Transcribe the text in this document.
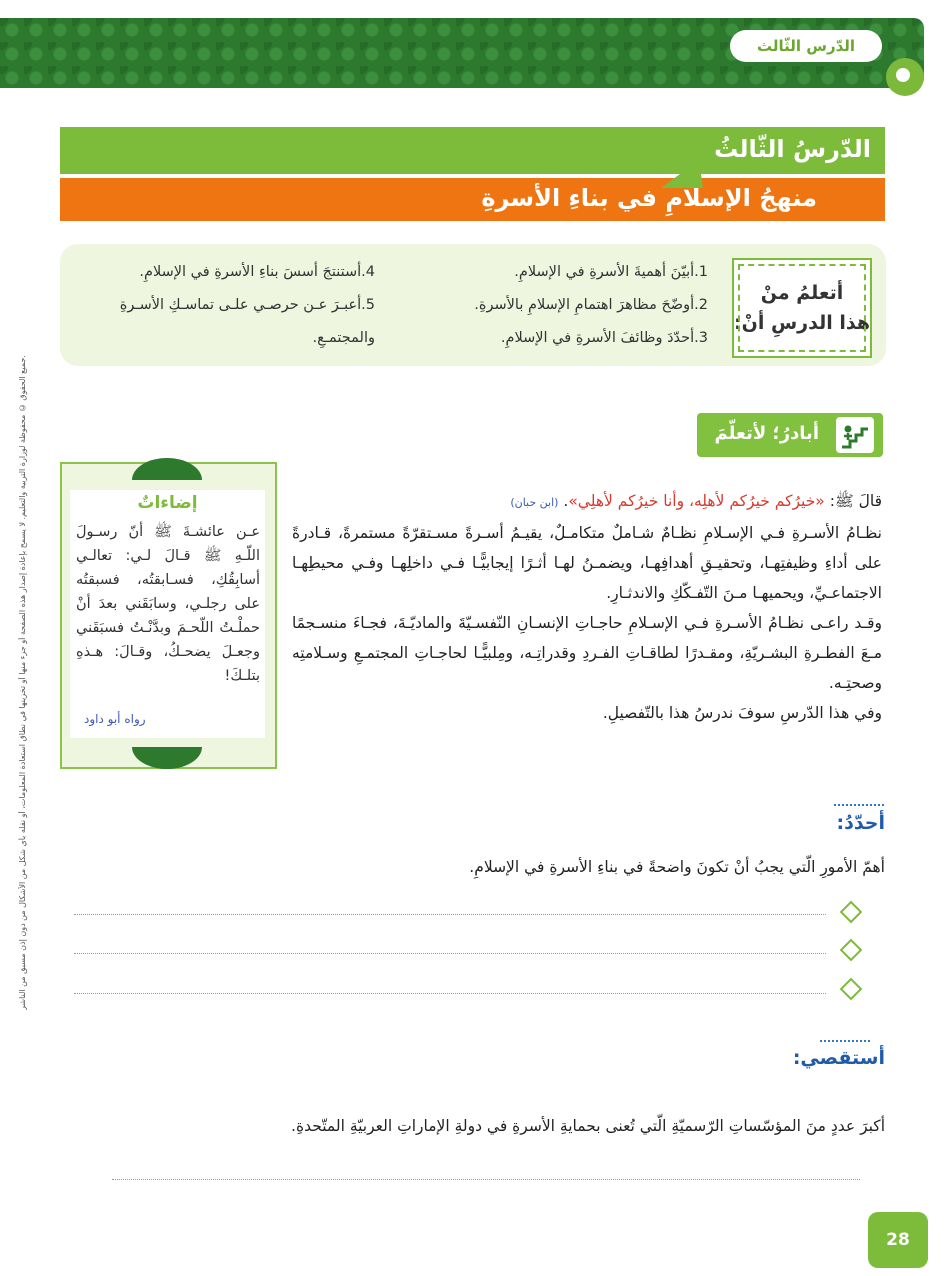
الدّرس الثّالث
جميع الحقوق © محفوظة لوزارة التربية والتعليم. لا يسمح بإعادة إصدار هذه الصفحة أو جزء منها أو تخزينها في نطاق استعادة المعلومات، أو نقله بأي شكل من الأشكال من دون إذن مسبق من الناشر.
الدّرسُ الثّالثُ
منهجُ الإسلامِ في بناءِ الأسرةِ
أتعلمُ منْ
هذا الدرسِ أنْ:
1.أبيّنَ أهميةَ الأسرةِ في الإسلامِ.
2.أوضّحَ مظاهرَ اهتمامِ الإسلامِ بالأسرةِ.
3.أحدّدَ وظائفَ الأسرةِ في الإسلامِ.
4.أستنتجَ أسسَ بناءِ الأسرةِ في الإسلامِ.
5.أعبـرَ عـن حرصـي علـى تماسـكِ الأسـرةِ
والمجتمـعِ.
أبادرُ؛ لأتعلّمَ
إضاءاتٌ
عـن عائشـةَ ﷺ أنّ رسـولَ اللّـهِ ﷺ قـالَ لـي: تعالـي أسابِقُكِ، فسـابقتُه، فسبقتُه على رجلـي، وسابَقَني بعدَ أنْ حملْـتُ اللّحـمَ وبدَّنْـتُ فسبَقَني وجعـلَ يضحـكُ، وقـالَ: هـذهِ بتلـكَ!
رواه أبو داود

قالَ ﷺ: «خيرُكم خيرُكم لأهلِه، وأنا خيرُكم لأهلِي». (ابن حبان)

نظـامُ الأسـرةِ فـي الإسـلامِ نظـامٌ شـاملٌ متكامـلٌ، يقيـمُ أسـرةً مسـتقرّةً مستمرةً، قـادرةً على أداءِ وظيفتِهـا، وتحقيـقِ أهدافِهـا، ويضمـنُ لهـا أثـرًا إيجابيًّـا فـي داخلِهـا وفـي محيطِهـا الاجتماعـيِّ، ويحميهـا مـنَ التّفـكّكِ والاندثـارِ.

وقـد راعـى نظـامُ الأسـرةِ فـي الإسـلامِ حاجـاتِ الإنسـانِ النّفسـيّةَ والماديّـةَ، فجـاءَ منسـجمًا مـعَ الفطـرةِ البشـريّةِ، ومقـدرًا لطاقـاتِ الفـردِ وقدراتِـه، ومِلبيًّـا لحاجـاتِ المجتمـعِ وسـلامتِه وصحتِـه.

وفي هذا الدّرسِ سوفَ ندرسُ هذا بالتّفصيلِ.

أحدّدُ:
أهمّ الأمورِ الّتي يجبُ أنْ تكونَ واضحةً في بناءِ الأسرةِ في الإسلامِ.
أستقصي:
أكبرَ عددٍ منَ المؤسّساتِ الرّسميّةِ الّتي تُعنى بحمايةِ الأسرةِ في دولةِ الإماراتِ العربيّةِ المتّحدةِ.
28
